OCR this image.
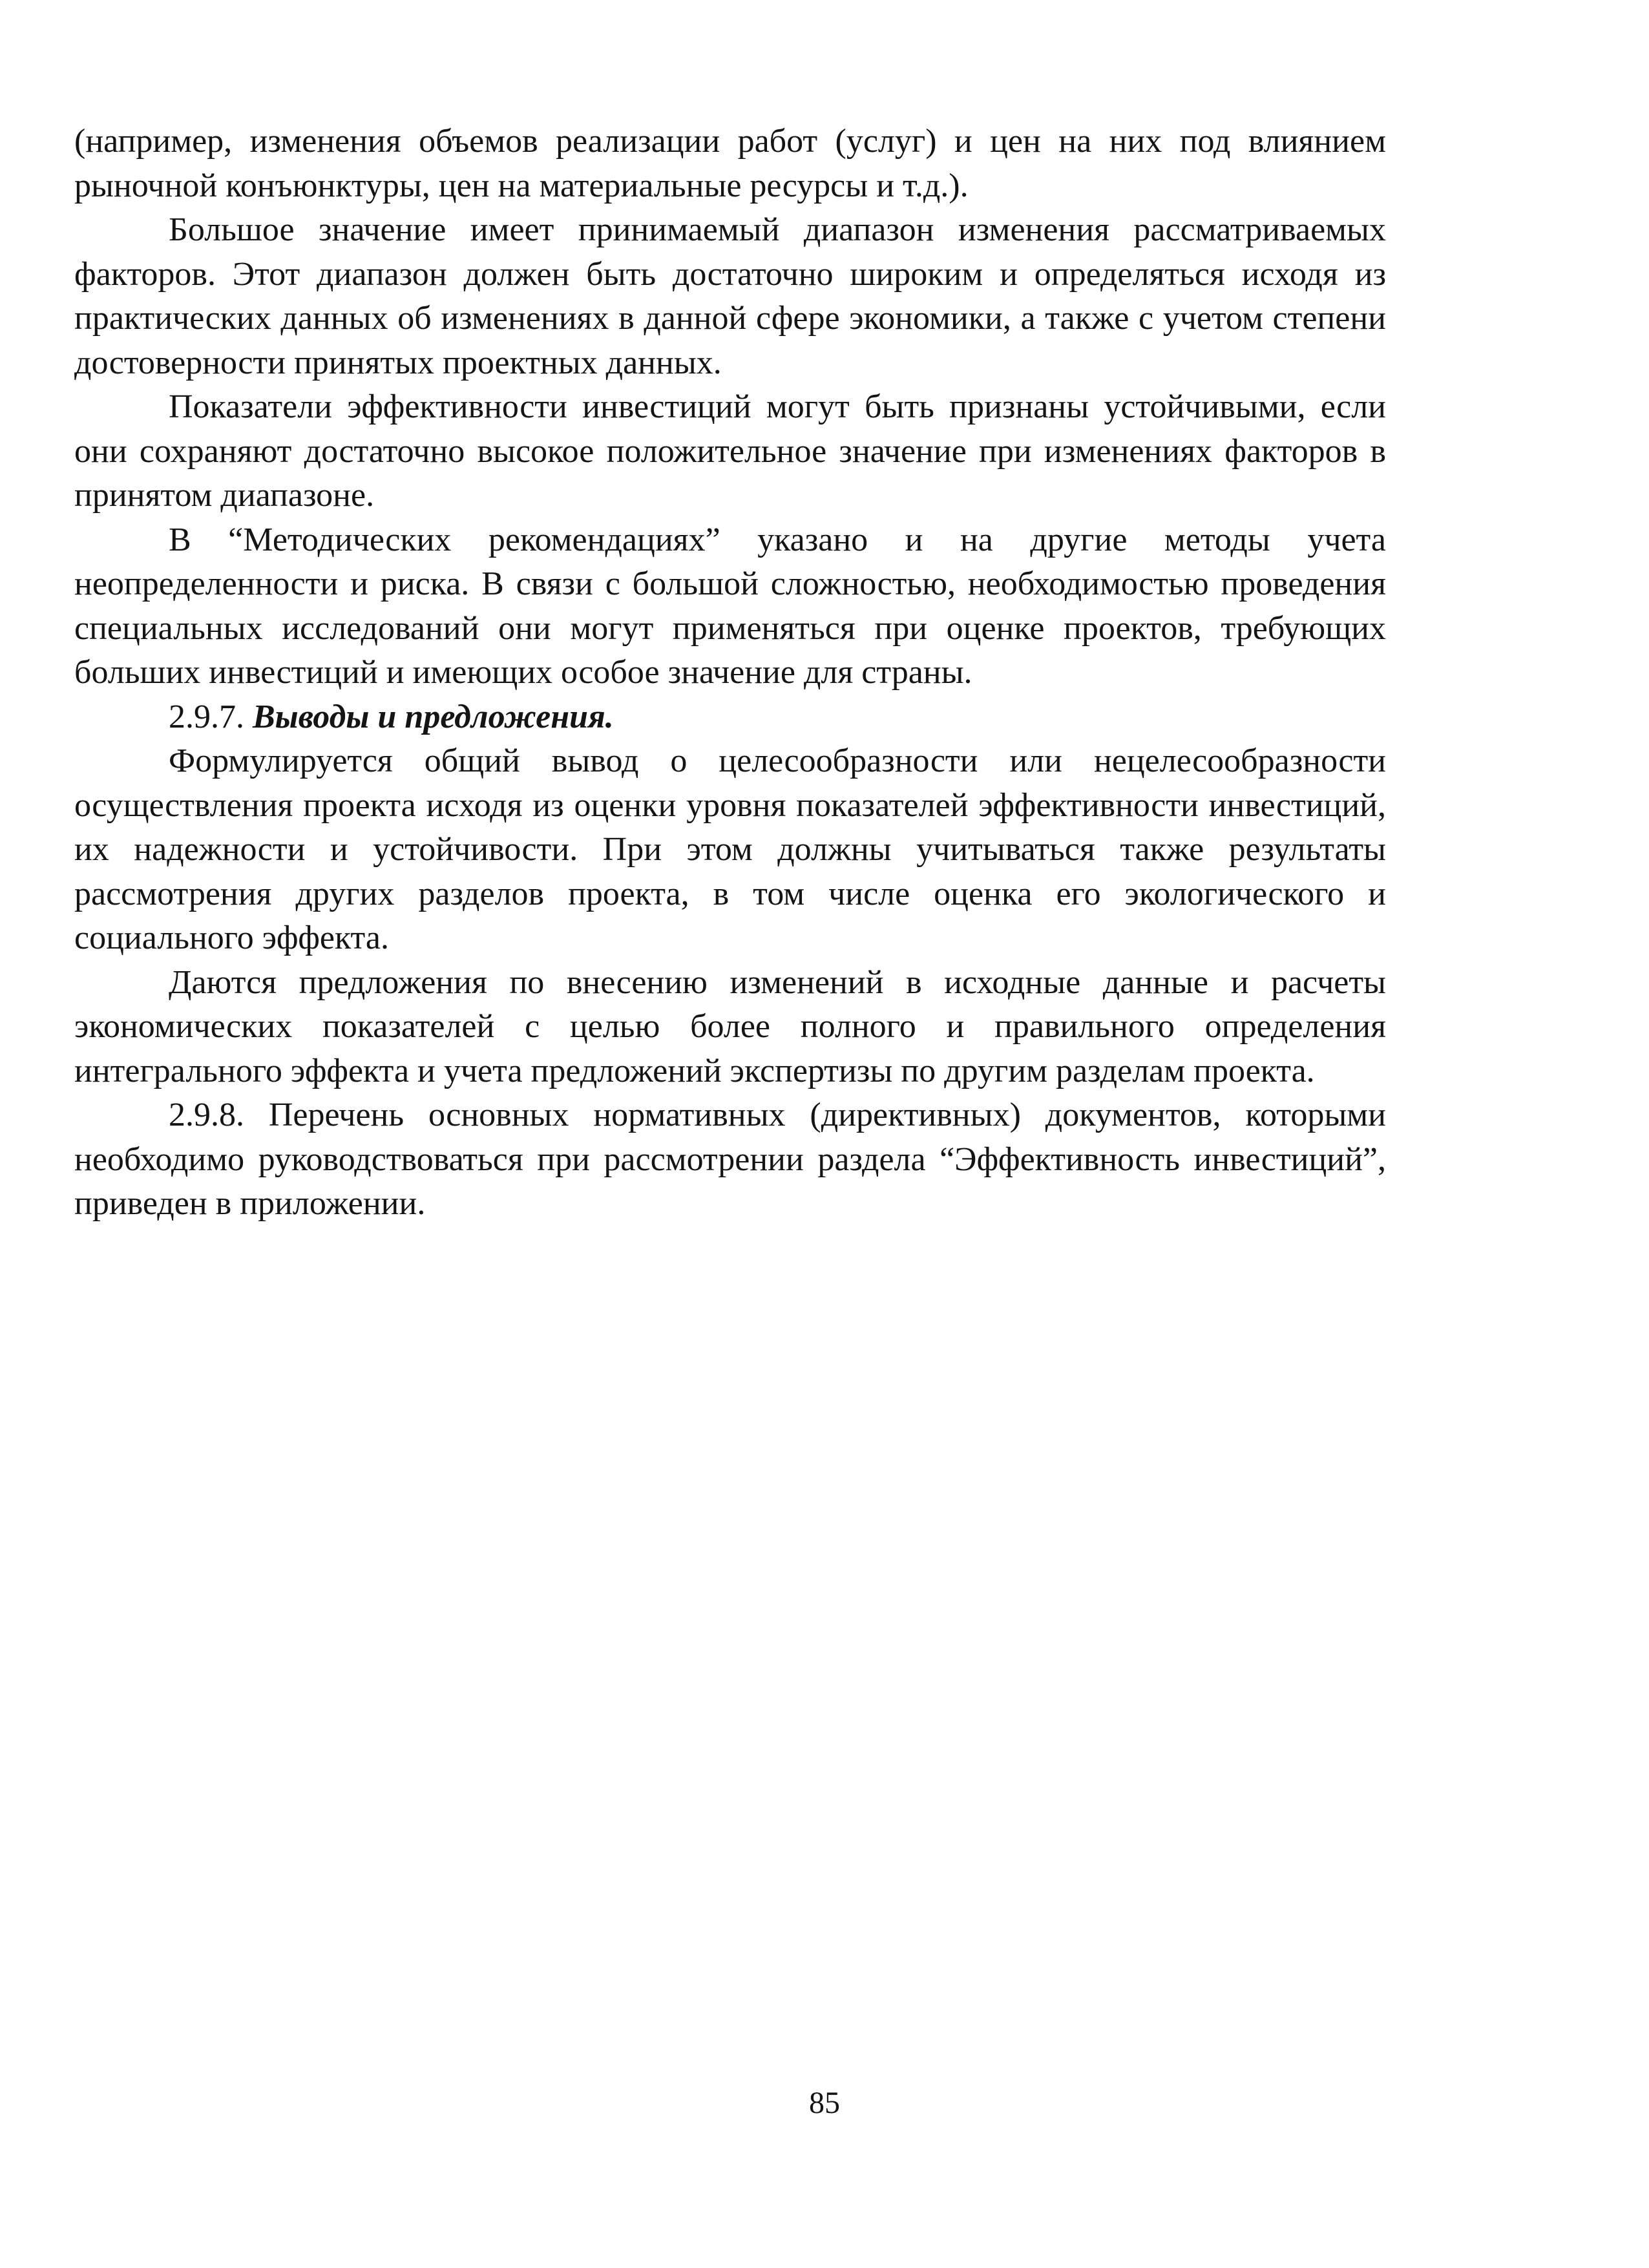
(например, изменения объемов реализации работ (услуг) и цен на них под влиянием рыночной конъюнктуры, цен на материальные ресурсы и т.д.).

Большое значение имеет принимаемый диапазон изменения рассматриваемых факторов. Этот диапазон должен быть достаточно широким и определяться исходя из практических данных об изменениях в данной сфере экономики, а также с учетом степени достоверности принятых проектных данных.

Показатели эффективности инвестиций могут быть признаны устойчивыми, если они сохраняют достаточно высокое положительное значение при изменениях факторов в принятом диапазоне.

В “Методических рекомендациях” указано и на другие методы учета неопределенности и риска. В связи с большой сложностью, необходимостью проведения специальных исследований они могут применяться при оценке проектов, требующих больших инвестиций и имеющих особое значение для страны.

2.9.7. Выводы и предложения.

Формулируется общий вывод о целесообразности или нецелесообразности осуществления проекта исходя из оценки уровня показателей эффективности инвестиций, их надежности и устойчивости. При этом должны учитываться также результаты рассмотрения других разделов проекта, в том числе оценка его экологического и социального эффекта.

Даются предложения по внесению изменений в исходные данные и расчеты экономических показателей с целью более полного и правильного определения интегрального эффекта и учета предложений экспертизы по другим разделам проекта.

2.9.8. Перечень основных нормативных (директивных) документов, которыми необходимо руководствоваться при рассмотрении раздела “Эффективность инвестиций”, приведен в приложении.

85
